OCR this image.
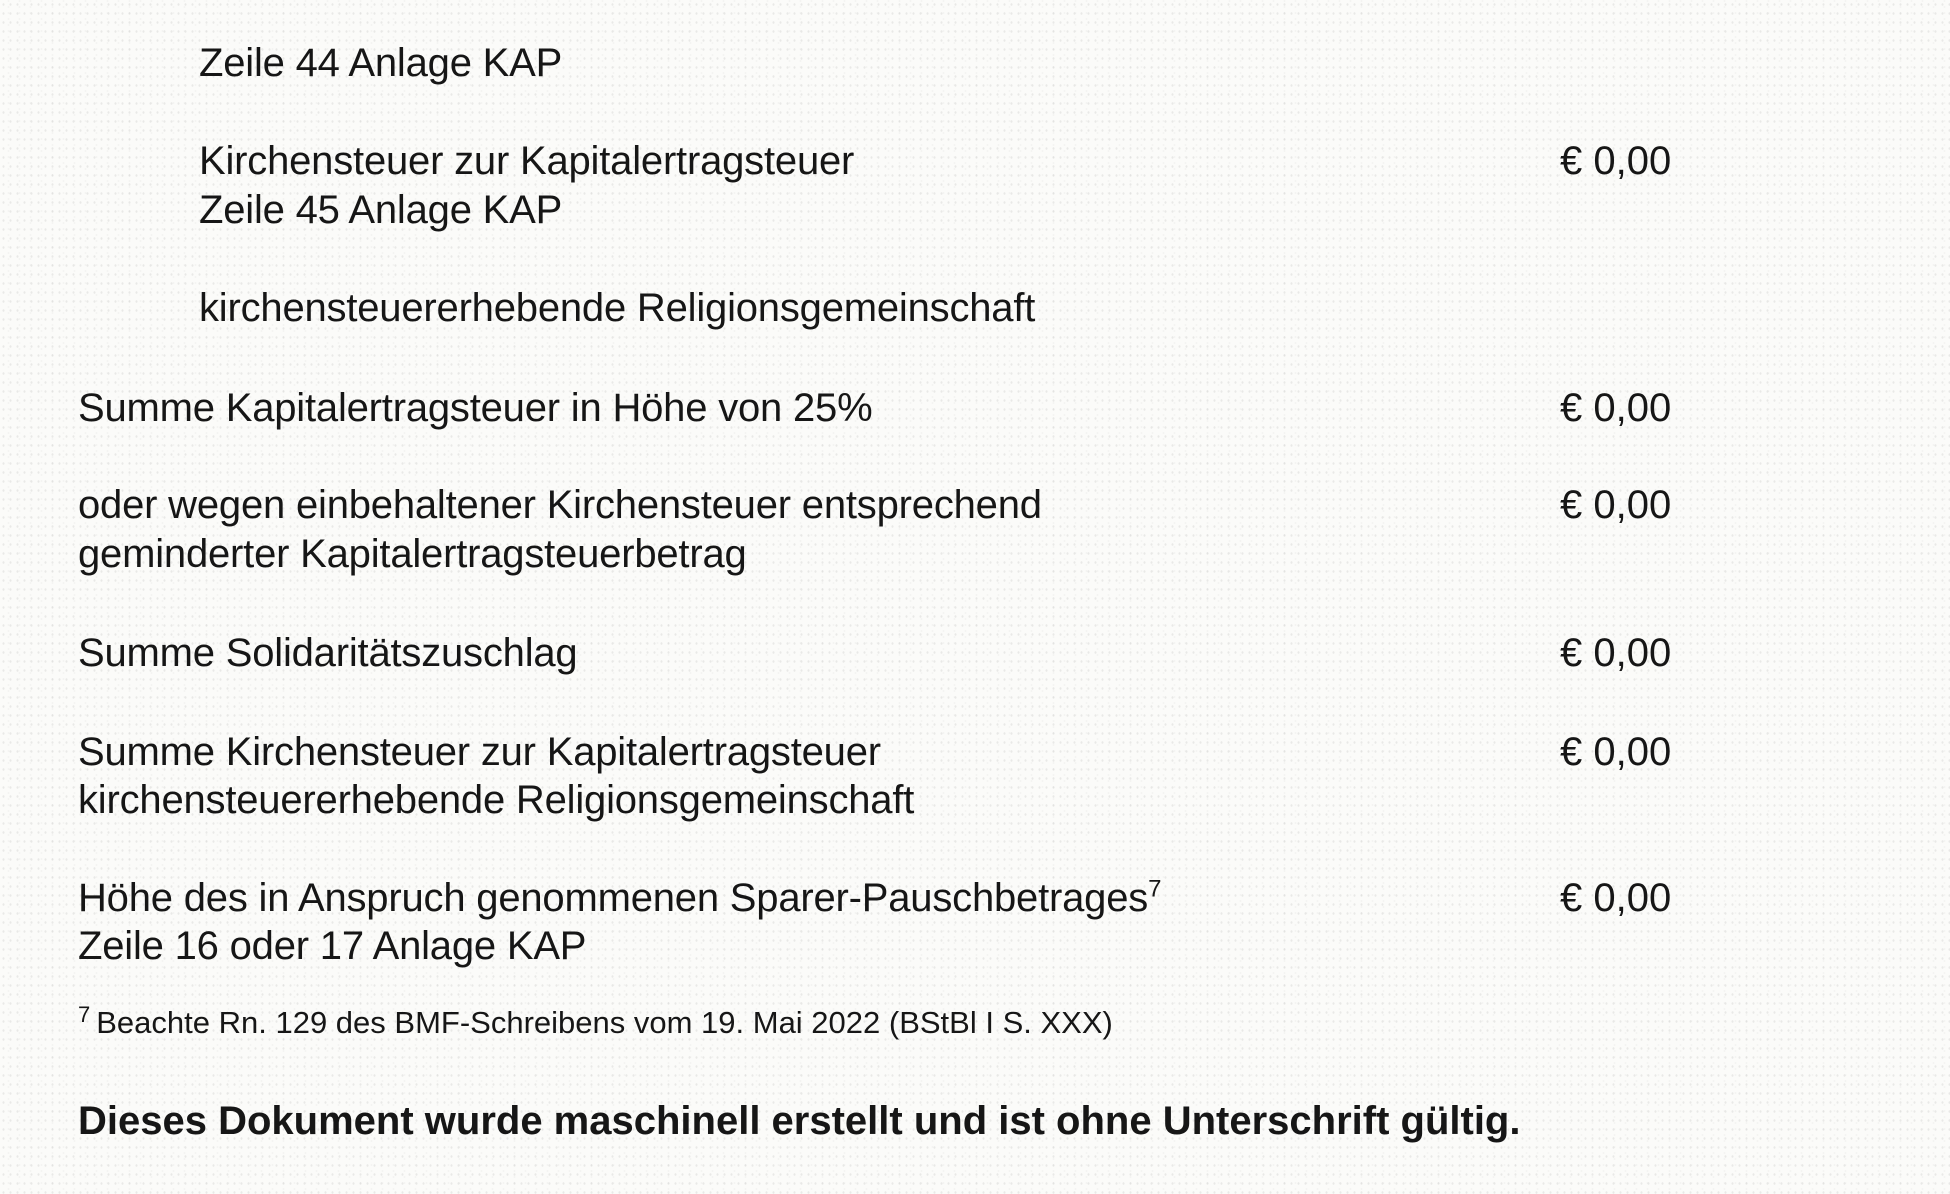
Zeile 44 Anlage KAP
Kirchensteuer zur Kapitalertragsteuer
Zeile 45 Anlage KAP
€ 0,00
kirchensteuererhebende Religionsgemeinschaft
Summe Kapitalertragsteuer in Höhe von 25%	€ 0,00
oder wegen einbehaltener Kirchensteuer entsprechend
geminderter Kapitalertragsteuerbetrag
€ 0,00
Summe Solidaritätszuschlag	€ 0,00
Summe Kirchensteuer zur Kapitalertragsteuer
kirchensteuererhebende Religionsgemeinschaft
€ 0,00
Höhe des in Anspruch genommenen Sparer-Pauschbetrages$^7$
Zeile 16 oder 17 Anlage KAP
€ 0,00
$^7$ Beachte Rn. 129 des BMF-Schreibens vom 19. Mai 2022 (BStBl I S. XXX)
Dieses Dokument wurde maschinell erstellt und ist ohne Unterschrift gültig.
